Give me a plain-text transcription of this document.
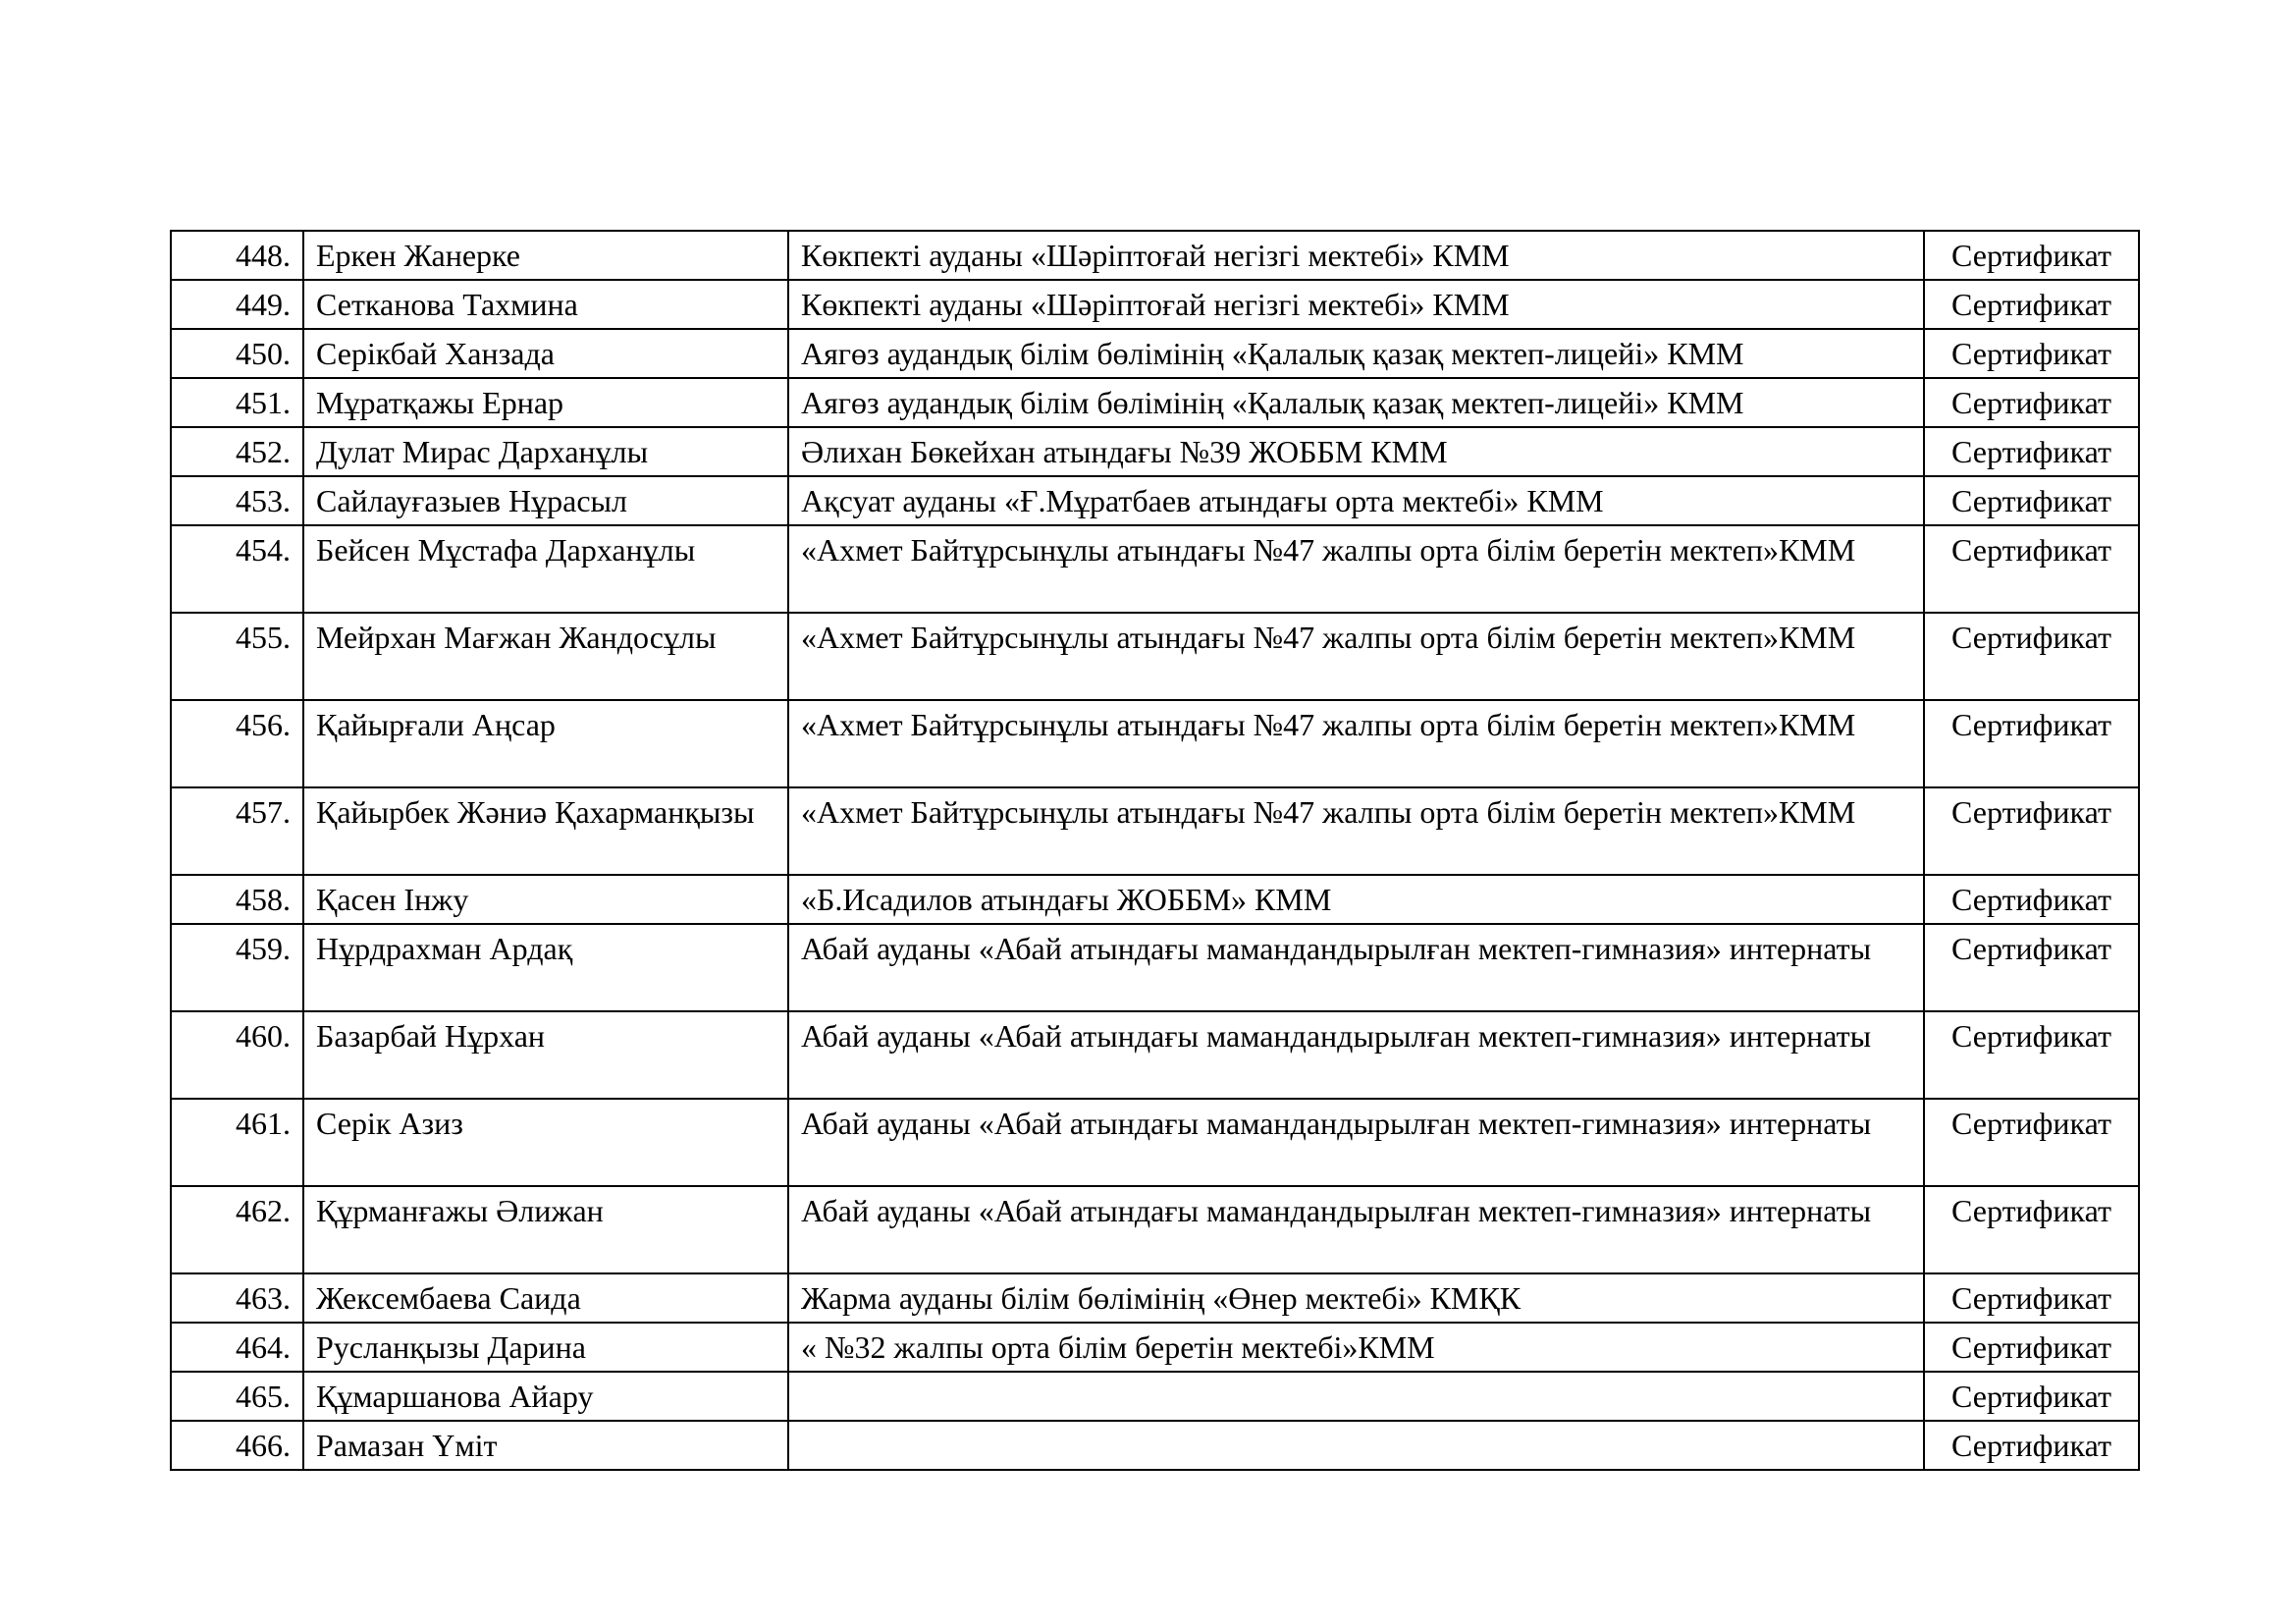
448.	Еркен Жанерке	Көкпекті ауданы «Шәріптоғай негізгі мектебі» КММ	Сертификат
449.	Сетканова Тахмина	Көкпекті ауданы «Шәріптоғай негізгі мектебі» КММ	Сертификат
450.	Серікбай Ханзада	Аягөз аудандық білім бөлімінің «Қалалық қазақ мектеп-лицейі» КММ	Сертификат
451.	Мұратқажы Ернар	Аягөз аудандық білім бөлімінің «Қалалық қазақ мектеп-лицейі» КММ	Сертификат
452.	Дулат Мирас Дарханұлы	Әлихан Бөкейхан атындағы №39 ЖОББМ КММ	Сертификат
453.	Сайлауғазыев Нұрасыл	Ақсуат ауданы «Ғ.Мұратбаев атындағы орта мектебі» КММ	Сертификат
454.	Бейсен Мұстафа Дарханұлы	«Ахмет Байтұрсынұлы атындағы №47 жалпы орта білім беретін мектеп»КММ	Сертификат
455.	Мейрхан Мағжан Жандосұлы	«Ахмет Байтұрсынұлы атындағы №47 жалпы орта білім беретін мектеп»КММ	Сертификат
456.	Қайырғали Аңсар	«Ахмет Байтұрсынұлы атындағы №47 жалпы орта білім беретін мектеп»КММ	Сертификат
457.	Қайырбек Жәниә Қахарманқызы	«Ахмет Байтұрсынұлы атындағы №47 жалпы орта білім беретін мектеп»КММ	Сертификат
458.	Қасен Інжу	«Б.Исадилов атындағы ЖОББМ» КММ	Сертификат
459.	Нұрдрахман Ардақ	Абай ауданы «Абай атындағы мамандандырылған мектеп-гимназия» интернаты	Сертификат
460.	Базарбай Нұрхан	Абай ауданы «Абай атындағы мамандандырылған мектеп-гимназия» интернаты	Сертификат
461.	Серік Азиз	Абай ауданы «Абай атындағы мамандандырылған мектеп-гимназия» интернаты	Сертификат
462.	Құрманғажы Әлижан	Абай ауданы «Абай атындағы мамандандырылған мектеп-гимназия» интернаты	Сертификат
463.	Жексембаева Саида	Жарма ауданы білім бөлімінің «Өнер мектебі» КМҚК	Сертификат
464.	Русланқызы Дарина	« №32 жалпы орта білім беретін мектебі»КММ	Сертификат
465.	Құмаршанова Айару		Сертификат
466.	Рамазан Үміт		Сертификат
